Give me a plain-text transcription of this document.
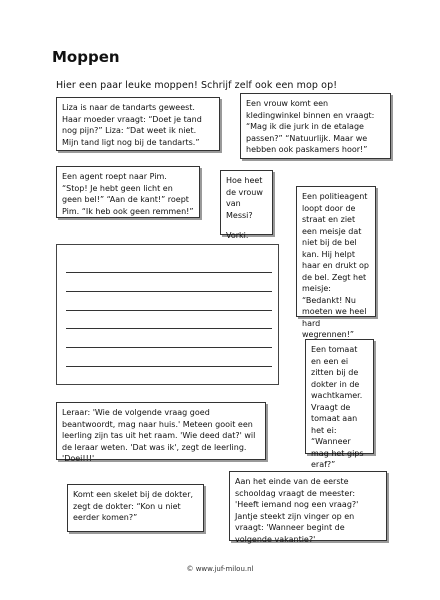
Moppen
Hier een paar leuke moppen! Schrijf zelf ook een mop op!

Liza is naar de tandarts geweest. Haar moeder vraagt: “Doet je tand nog pijn?” Liza: “Dat weet ik niet. Mijn tand ligt nog bij de tandarts.”

Een vrouw komt een kledingwinkel binnen en vraagt: “Mag ik die jurk in de etalage passen?” “Natuurlijk. Maar we hebben ook paskamers hoor!”

Een agent roept naar Pim. “Stop! Je hebt geen licht en geen bel!” “Aan de kant!” roept Pim. “Ik heb ook geen remmen!”

Hoe heet de vrouw van Messi?

Vorki.

Een politieagent loopt door de straat en ziet een meisje dat niet bij de bel kan. Hij helpt haar en drukt op de bel. Zegt het meisje: “Bedankt! Nu moeten we heel hard wegrennen!”

Een tomaat en een ei zitten bij de dokter in de wachtkamer. Vraagt de tomaat aan het ei: “Wanneer mag het gips eraf?”

Leraar: 'Wie de volgende vraag goed beantwoordt, mag naar huis.' Meteen gooit een leerling zijn tas uit het raam. 'Wie deed dat?' wil de leraar weten. 'Dat was ik', zegt de leerling. 'Doei!!!'

Komt een skelet bij de dokter, zegt de dokter: “Kon u niet eerder komen?”

Aan het einde van de eerste schooldag vraagt de meester: 'Heeft iemand nog een vraag?' Jantje steekt zijn vinger op en vraagt: 'Wanneer begint de volgende vakantie?'

© www.juf-milou.nl
